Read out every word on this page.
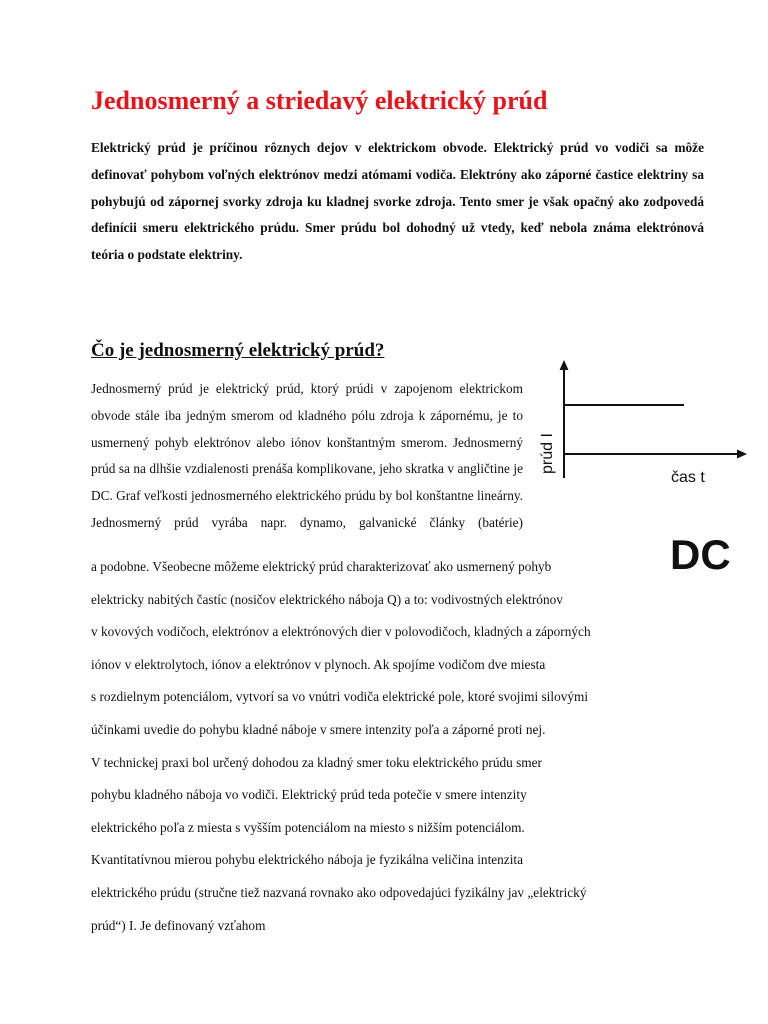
Jednosmerný a striedavý elektrický prúd

Elektrický prúd je príčinou rôznych dejov v elektrickom obvode. Elektrický prúd vo vodiči sa môže definovať pohybom voľných elektrónov medzi atómami vodiča. Elektróny ako záporné častice elektriny sa pohybujú od zápornej svorky zdroja ku kladnej svorke zdroja. Tento smer je však opačný ako zodpovedá definícii smeru elektrického prúdu. Smer prúdu bol dohodný už vtedy, keď nebola známa elektrónová teória o podstate elektriny.

Čo je jednosmerný elektrický prúd?

Jednosmerný prúd je elektrický prúd, ktorý prúdi v zapojenom elektrickom obvode stále iba jedným smerom od kladného pólu zdroja k zápornému, je to usmernený pohyb elektrónov alebo iónov konštantným smerom. Jednosmerný prúd sa na dlhšie vzdialenosti prenáša komplikovane, jeho skratka v angličtine je DC. Graf veľkosti jednosmerného elektrického prúdu by bol konštantne lineárny. Jednosmerný prúd vyrába napr. dynamo, galvanické články (batérie)

prúd I
čas t
DC
a podobne. Všeobecne môžeme elektrický prúd charakterizovať ako usmernený pohyb
elektricky nabitých častíc (nosičov elektrického náboja Q) a to: vodivostných elektrónov
v kovových vodičoch, elektrónov a elektrónových dier v polovodičoch, kladných a záporných
iónov v elektrolytoch, iónov a elektrónov v plynoch. Ak spojíme vodičom dve miesta
s rozdielnym potenciálom, vytvorí sa vo vnútri vodiča elektrické pole, ktoré svojimi silovými
účinkami uvedie do pohybu kladné náboje v smere intenzity poľa a záporné proti nej.
V technickej praxi bol určený dohodou za kladný smer toku elektrického prúdu smer
pohybu kladného náboja vo vodiči. Elektrický prúd teda potečie v smere intenzity
elektrického poľa z miesta s vyšším potenciálom na miesto s nižším potenciálom.
Kvantitatívnou mierou pohybu elektrického náboja je fyzikálna veličina intenzita
elektrického prúdu (stručne tiež nazvaná rovnako ako odpovedajúci fyzikálny jav „elektrický
prúd“) I. Je definovaný vzťahom
